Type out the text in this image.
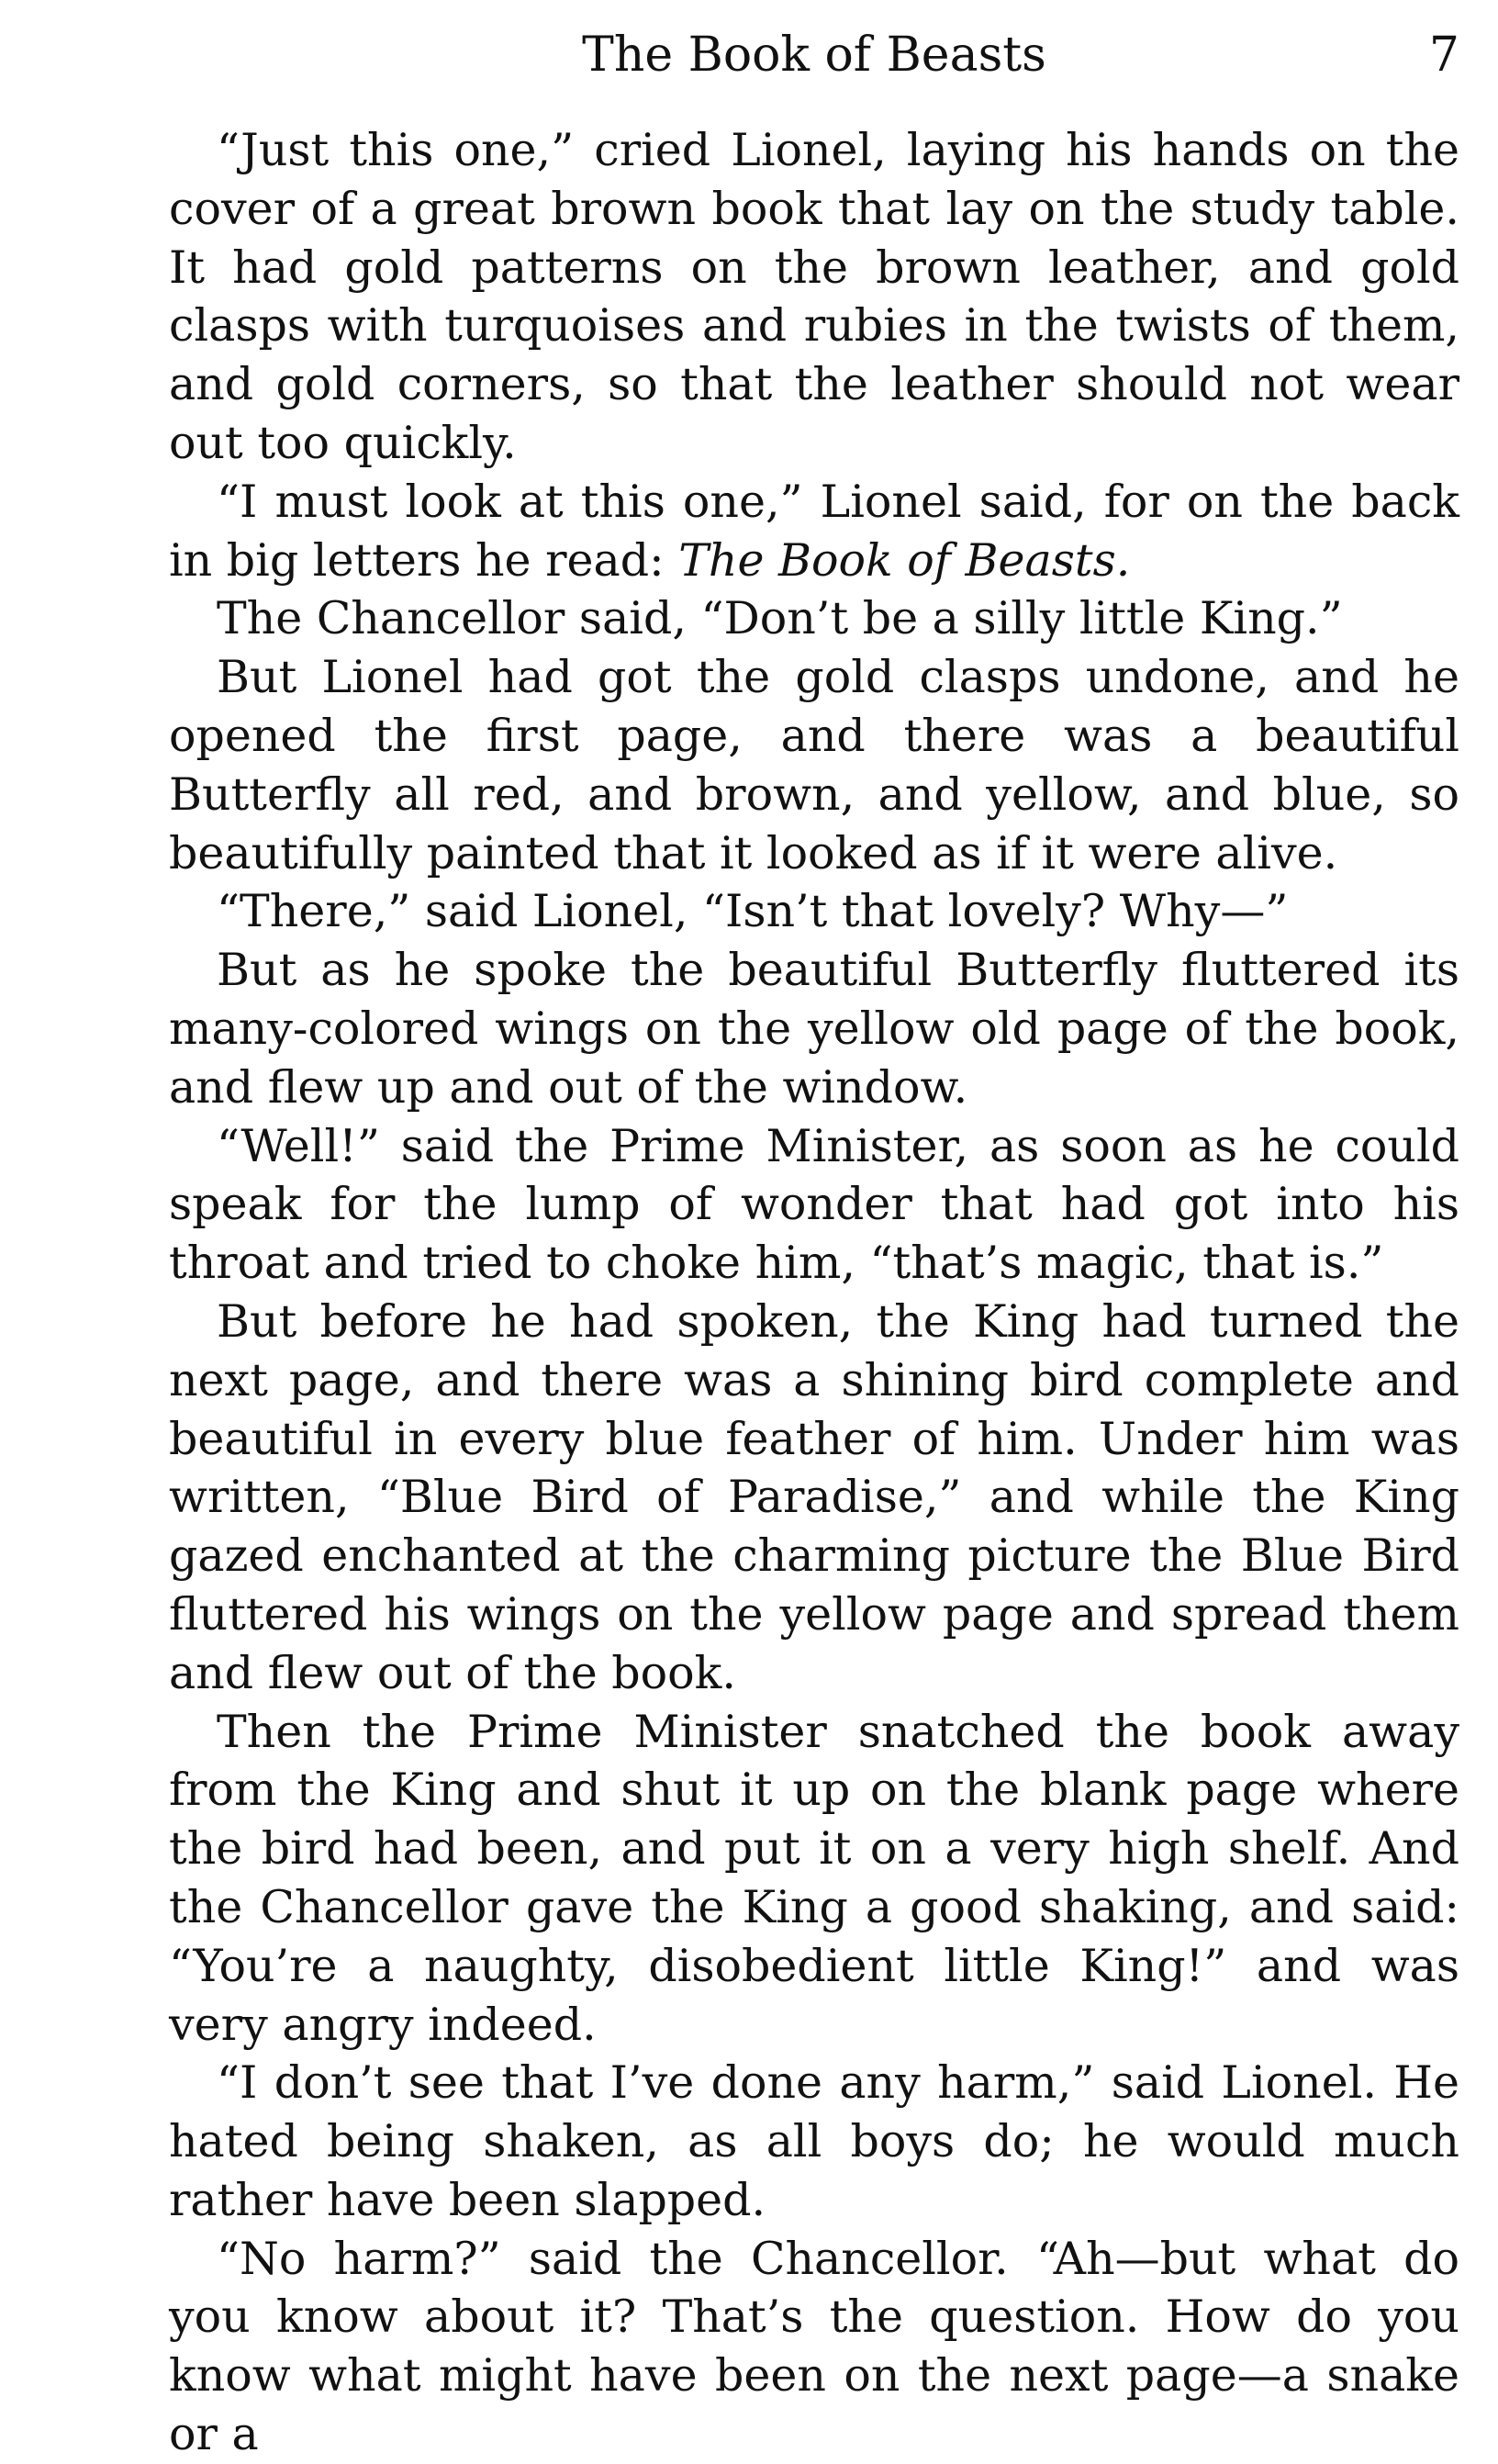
The Book of Beasts	7

“Just this one,” cried Lionel, laying his hands on the cover of a great brown book that lay on the study table. It had gold patterns on the brown leather, and gold clasps with turquoises and rubies in the twists of them, and gold corners, so that the leather should not wear out too quickly.

“I must look at this one,” Lionel said, for on the back in big letters he read: The Book of Beasts.

The Chancellor said, “Don’t be a silly little King.”

But Lionel had got the gold clasps undone, and he opened the first page, and there was a beautiful Butterfly all red, and brown, and yellow, and blue, so beautifully painted that it looked as if it were alive.

“There,” said Lionel, “Isn’t that lovely? Why—”

But as he spoke the beautiful Butterfly fluttered its many-colored wings on the yellow old page of the book, and flew up and out of the window.

“Well!” said the Prime Minister, as soon as he could speak for the lump of wonder that had got into his throat and tried to choke him, “that’s magic, that is.”

But before he had spoken, the King had turned the next page, and there was a shining bird complete and beautiful in every blue feather of him. Under him was written, “Blue Bird of Paradise,” and while the King gazed enchanted at the charming picture the Blue Bird fluttered his wings on the yellow page and spread them and flew out of the book.

Then the Prime Minister snatched the book away from the King and shut it up on the blank page where the bird had been, and put it on a very high shelf. And the Chancellor gave the King a good shaking, and said: “You’re a naughty, disobedient little King!” and was very angry indeed.

“I don’t see that I’ve done any harm,” said Lionel. He hated being shaken, as all boys do; he would much rather have been slapped.

“No harm?” said the Chancellor. “Ah—but what do you know about it? That’s the question. How do you know what might have been on the next page—a snake or a
